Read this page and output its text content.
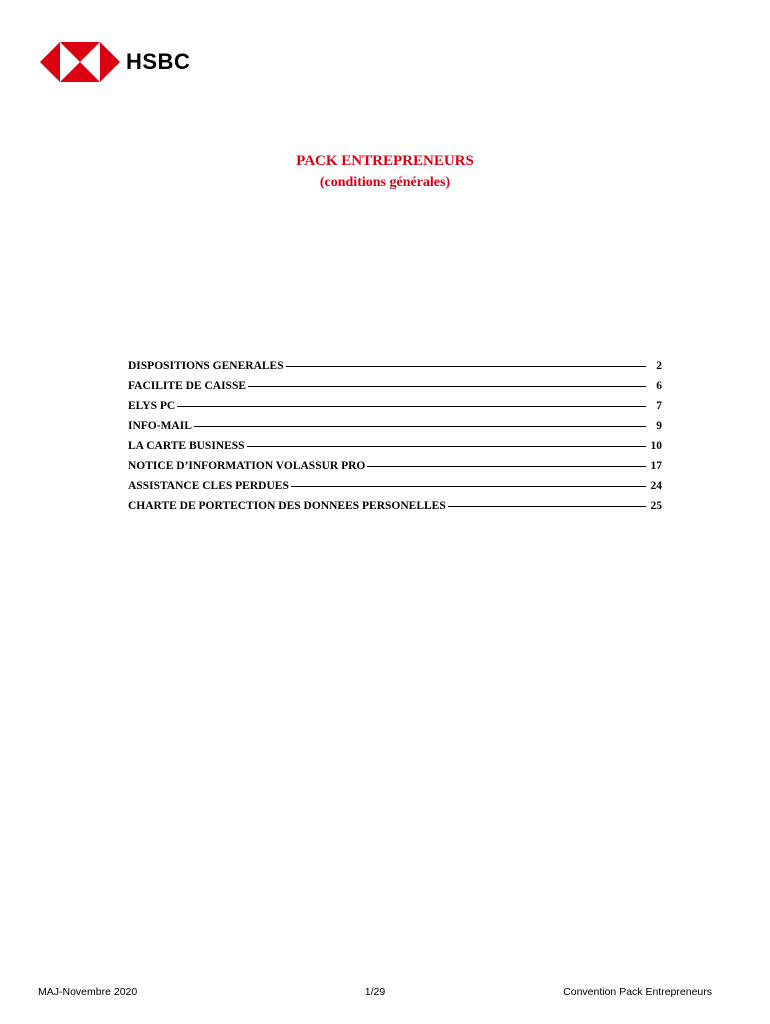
HSBC
PACK ENTREPRENEURS
(conditions générales)
DISPOSITIONS GENERALES	2
FACILITE DE CAISSE	6
ELYS PC	7
INFO-MAIL	9
LA CARTE BUSINESS	10
NOTICE D’INFORMATION VOLASSUR PRO	17
ASSISTANCE CLES PERDUES	24
CHARTE DE PORTECTION DES DONNEES PERSONELLES	25
MAJ-Novembre 2020	1/29	Convention Pack Entrepreneurs
